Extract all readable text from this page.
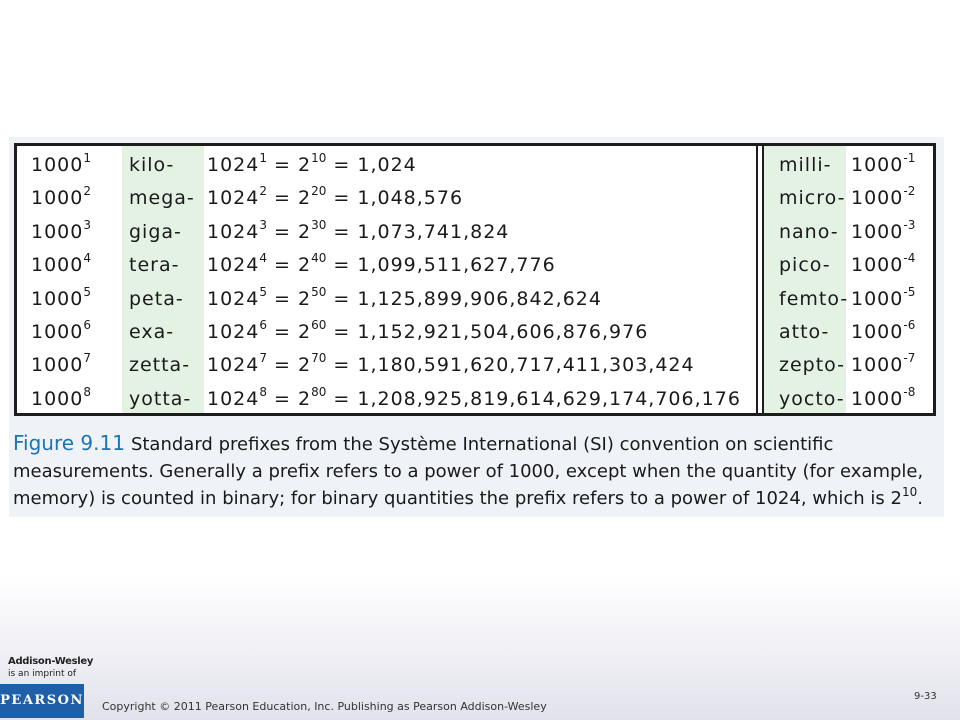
1000$^1$ kilo- $1024^1 = 2^{10} = 1,024$	milli- $1000^{-1}$
1000$^2$ mega- $1024^2 = 2^{20} = 1,048,576$	micro- $1000^{-2}$
1000$^3$ giga- $1024^3 = 2^{30} = 1,073,741,824$	nano- $1000^{-3}$
1000$^4$ tera- $1024^4 = 2^{40} = 1,099,511,627,776$	pico- $1000^{-4}$
1000$^5$ peta- $1024^5 = 2^{50} = 1,125,899,906,842,624$	femto- $1000^{-5}$
1000$^6$ exa- $1024^6 = 2^{60} = 1,152,921,504,606,876,976$	atto- $1000^{-6}$
1000$^7$ zetta- $1024^7 = 2^{70} = 1,180,591,620,717,411,303,424$	zepto- $1000^{-7}$
1000$^8$ yotta- $1024^8 = 2^{80} = 1,208,925,819,614,629,174,706,176$ yocto- $1000^{-8}$
Figure 9.11 Standard prefixes from the Système International (SI) convention on scientific measurements. Generally a prefix refers to a power of 1000, except when the quantity (for example, memory) is counted in binary; for binary quantities the prefix refers to a power of 1024, which is $2^{10}$.
Addison-Wesley
is an imprint of
PEARSON Copyright © 2011 Pearson Education, Inc. Publishing as Pearson Addison-Wesley
9-33
